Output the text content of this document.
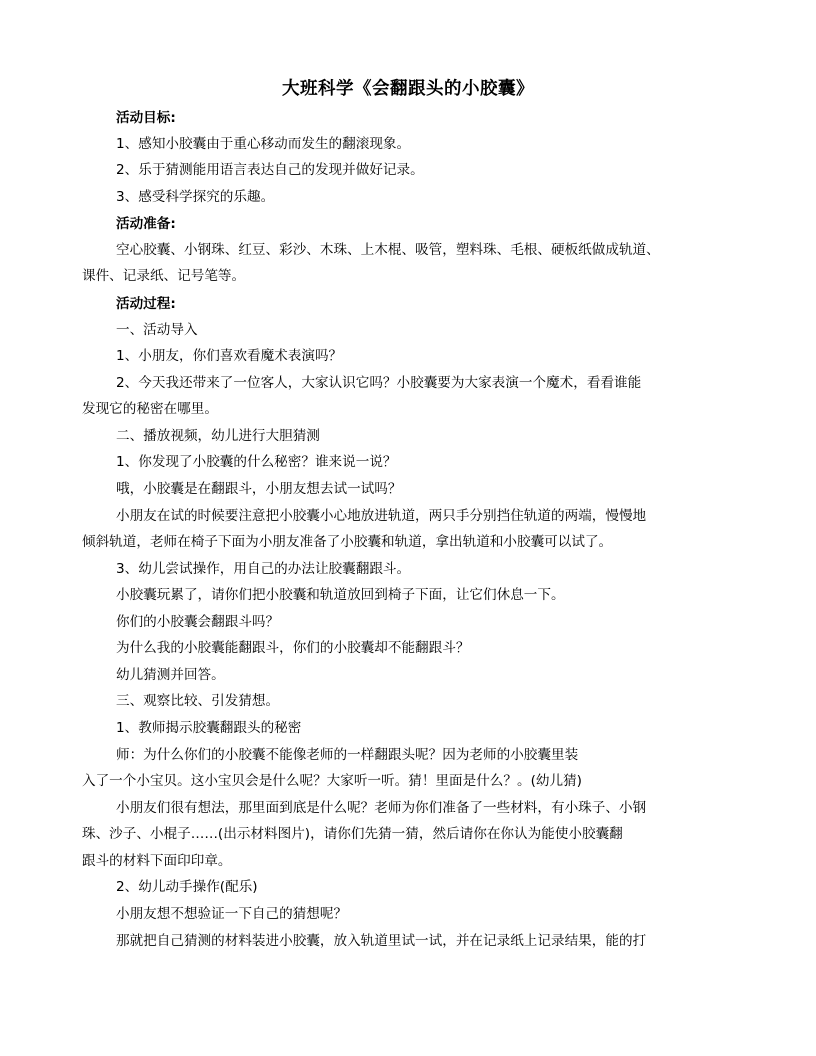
大班科学《会翻跟头的小胶囊》
活动目标:
1、感知小胶囊由于重心移动而发生的翻滚现象。
2、乐于猜测能用语言表达自己的发现并做好记录。
3、感受科学探究的乐趣。
活动准备:
空心胶囊、小钢珠、红豆、彩沙、木珠、上木棍、吸管，塑料珠、毛根、硬板纸做成轨道、
课件、记录纸、记号笔等。
活动过程:
一、活动导入
1、小朋友，你们喜欢看魔术表演吗？
2、今天我还带来了一位客人，大家认识它吗？小胶囊要为大家表演一个魔术，看看谁能
发现它的秘密在哪里。
二、播放视频，幼儿进行大胆猜测
1、你发现了小胶囊的什么秘密？谁来说一说？
哦，小胶囊是在翻跟斗，小朋友想去试一试吗？
小朋友在试的时候要注意把小胶囊小心地放进轨道，两只手分别挡住轨道的两端，慢慢地
倾斜轨道，老师在椅子下面为小朋友准备了小胶囊和轨道，拿出轨道和小胶囊可以试了。
3、幼儿尝试操作，用自己的办法让胶囊翻跟斗。
小胶囊玩累了，请你们把小胶囊和轨道放回到椅子下面，让它们休息一下。
你们的小胶囊会翻跟斗吗？
为什么我的小胶囊能翻跟斗，你们的小胶囊却不能翻跟斗？
幼儿猜测并回答。
三、观察比较、引发猜想。
1、教师揭示胶囊翻跟头的秘密
师：为什么你们的小胶囊不能像老师的一样翻跟头呢？因为老师的小胶囊里装
入了一个小宝贝。这小宝贝会是什么呢？大家听一听。猜！里面是什么？。(幼儿猜)
小朋友们很有想法，那里面到底是什么呢？老师为你们准备了一些材料，有小珠子、小钢
珠、沙子、小棍子……(出示材料图片)，请你们先猜一猜，然后请你在你认为能使小胶囊翻
跟斗的材料下面印印章。
2、幼儿动手操作(配乐)
小朋友想不想验证一下自己的猜想呢？
那就把自己猜测的材料装进小胶囊，放入轨道里试一试，并在记录纸上记录结果，能的打
